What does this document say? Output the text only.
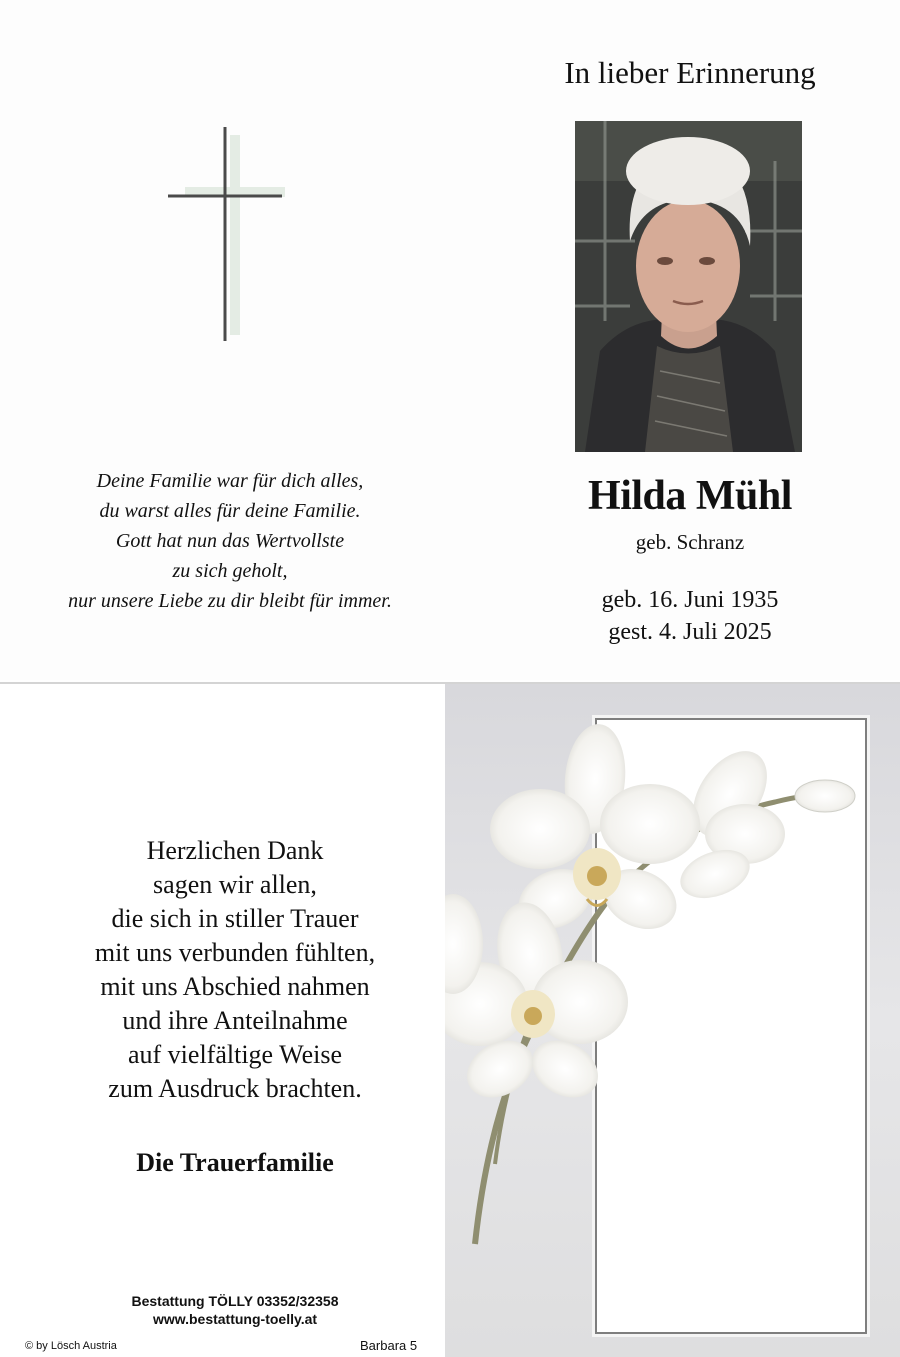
Deine Familie war für dich alles,
du warst alles für deine Familie.
Gott hat nun das Wertvollste
zu sich geholt,
nur unsere Liebe zu dir bleibt für immer.
In lieber Erinnerung
Hilda Mühl
geb. Schranz
geb. 16. Juni 1935
gest. 4. Juli 2025
Herzlichen Dank
sagen wir allen,
die sich in stiller Trauer
mit uns verbunden fühlten,
mit uns Abschied nahmen
und ihre Anteilnahme
auf vielfältige Weise
zum Ausdruck brachten.
Die Trauerfamilie
Bestattung TÖLLY 03352/32358
www.bestattung-toelly.at
© by Lösch Austria	Barbara 5
